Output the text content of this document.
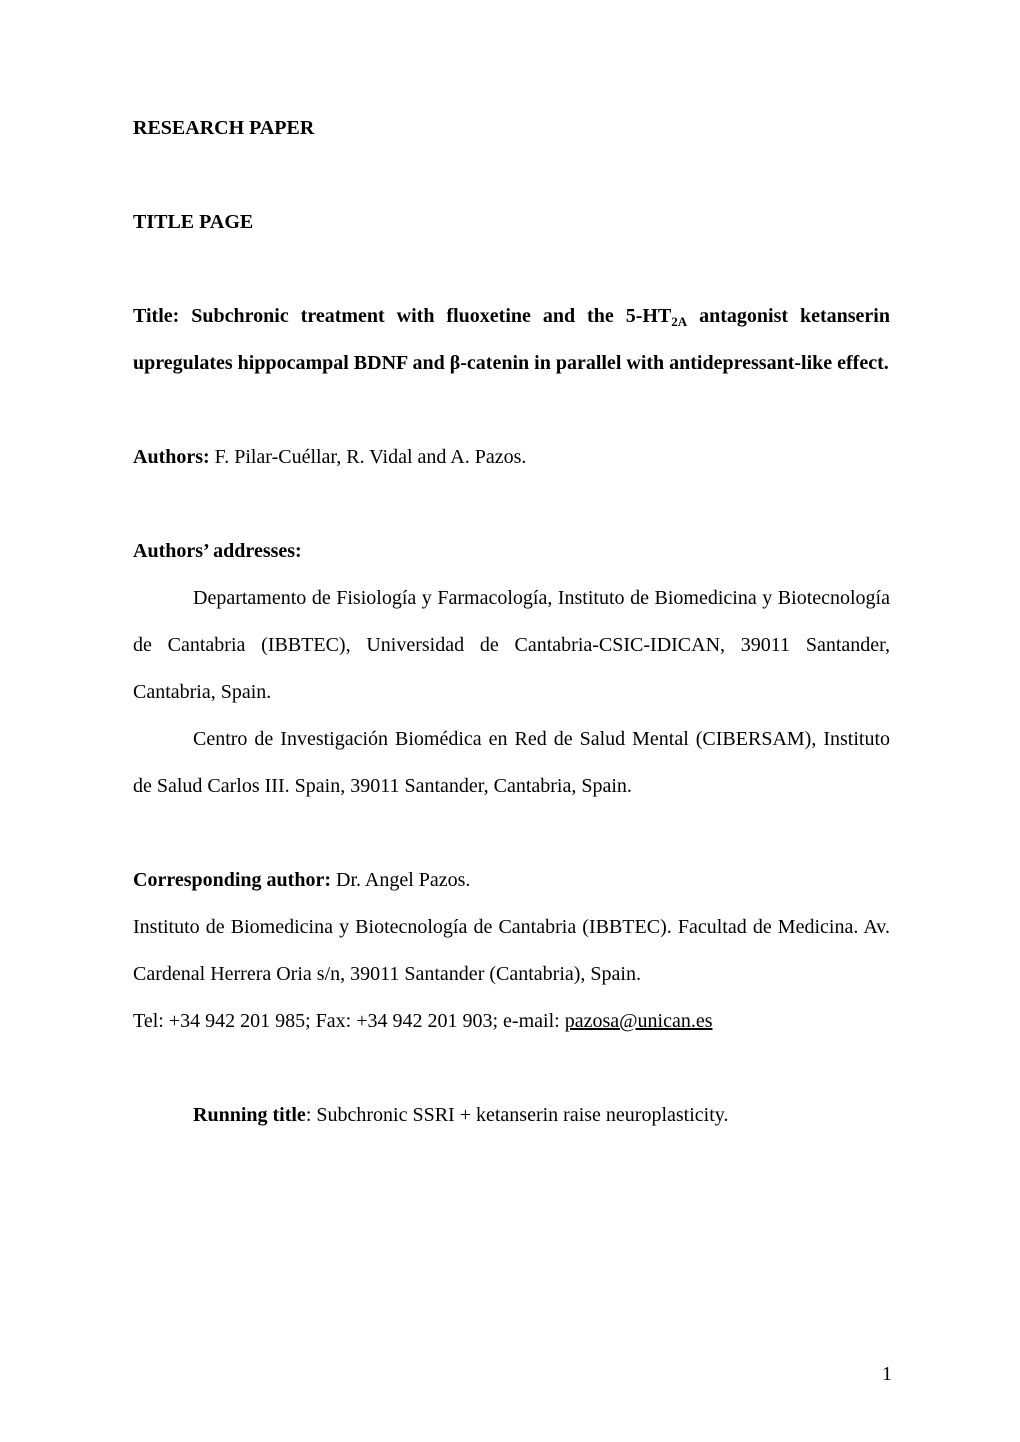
RESEARCH PAPER

TITLE PAGE

Title: Subchronic treatment with fluoxetine and the $5-HT_{2A}$ antagonist ketanserin upregulates hippocampal BDNF and β-catenin in parallel with antidepressant-like effect.

Authors: F. Pilar-Cuéllar, R. Vidal and A. Pazos.

Authors’ addresses:

Departamento de Fisiología y Farmacología, Instituto de Biomedicina y Biotecnología de Cantabria (IBBTEC), Universidad de Cantabria-CSIC-IDICAN, 39011 Santander, Cantabria, Spain.

Centro de Investigación Biomédica en Red de Salud Mental (CIBERSAM), Instituto de Salud Carlos III. Spain, 39011 Santander, Cantabria, Spain.

Corresponding author: Dr. Angel Pazos.

Instituto de Biomedicina y Biotecnología de Cantabria (IBBTEC). Facultad de Medicina. Av. Cardenal Herrera Oria s/n, 39011 Santander (Cantabria), Spain.

Tel: +34 942 201 985; Fax: +34 942 201 903; e-mail: pazosa@unican.es

Running title: Subchronic SSRI + ketanserin raise neuroplasticity.

1
